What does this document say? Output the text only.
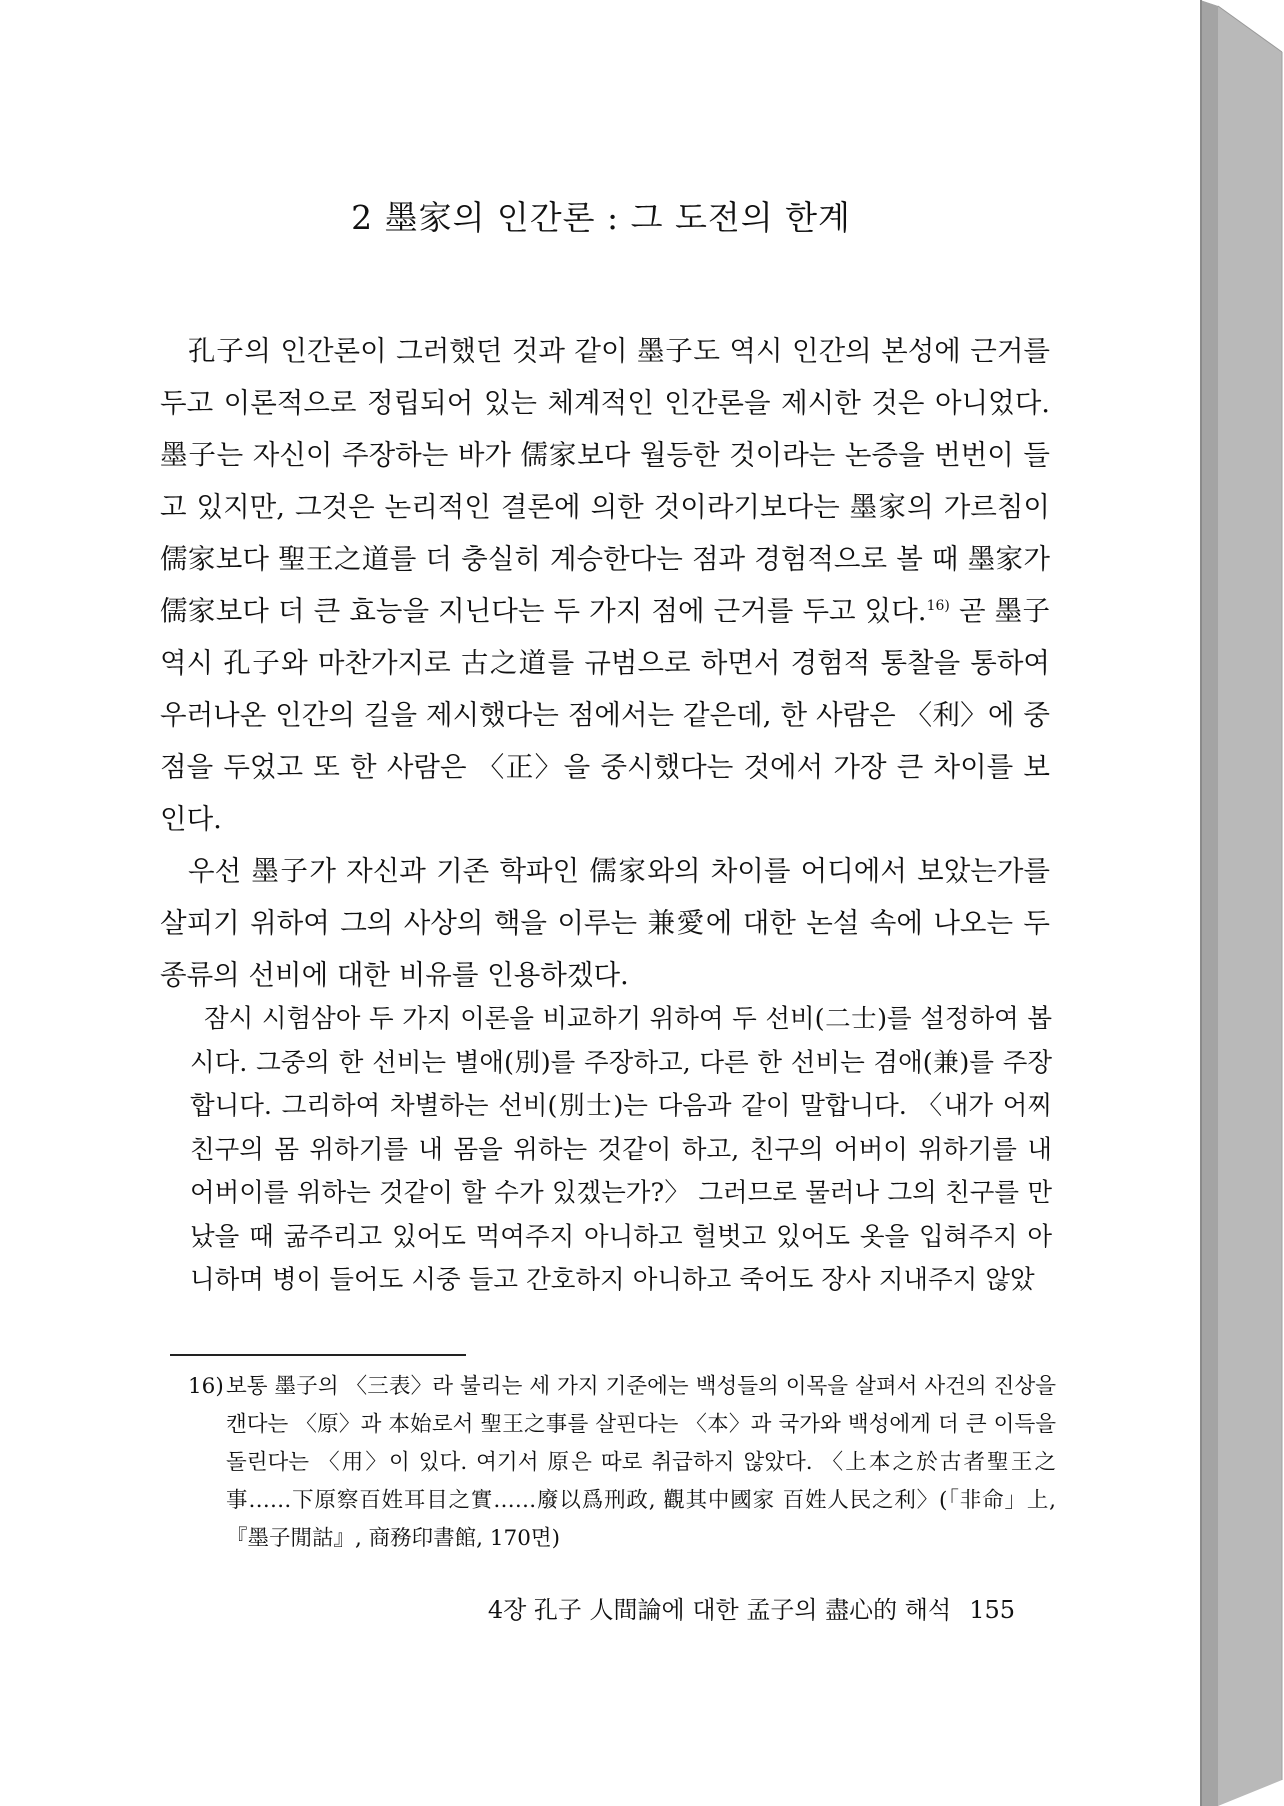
2 墨家의 인간론 : 그 도전의 한계

孔子의 인간론이 그러했던 것과 같이 墨子도 역시 인간의 본성에 근거를 두고 이론적으로 정립되어 있는 체계적인 인간론을 제시한 것은 아니었다. 墨子는 자신이 주장하는 바가 儒家보다 월등한 것이라는 논증을 번번이 들고 있지만, 그것은 논리적인 결론에 의한 것이라기보다는 墨家의 가르침이 儒家보다 聖王之道를 더 충실히 계승한다는 점과 경험적으로 볼 때 墨家가 儒家보다 더 큰 효능을 지닌다는 두 가지 점에 근거를 두고 있다.$^{16)}$ 곧 墨子 역시 孔子와 마찬가지로 古之道를 규범으로 하면서 경험적 통찰을 통하여 우러나온 인간의 길을 제시했다는 점에서는 같은데, 한 사람은 〈利〉에 중점을 두었고 또 한 사람은 〈正〉을 중시했다는 것에서 가장 큰 차이를 보인다.

우선 墨子가 자신과 기존 학파인 儒家와의 차이를 어디에서 보았는가를 살피기 위하여 그의 사상의 핵을 이루는 兼愛에 대한 논설 속에 나오는 두 종류의 선비에 대한 비유를 인용하겠다.

잠시 시험삼아 두 가지 이론을 비교하기 위하여 두 선비(二士)를 설정하여 봅시다. 그중의 한 선비는 별애(別)를 주장하고, 다른 한 선비는 겸애(兼)를 주장합니다. 그리하여 차별하는 선비(別士)는 다음과 같이 말합니다. 〈내가 어찌 친구의 몸 위하기를 내 몸을 위하는 것같이 하고, 친구의 어버이 위하기를 내 어버이를 위하는 것같이 할 수가 있겠는가?〉 그러므로 물러나 그의 친구를 만났을 때 굶주리고 있어도 먹여주지 아니하고 헐벗고 있어도 옷을 입혀주지 아니하며 병이 들어도 시중 들고 간호하지 아니하고 죽어도 장사 지내주지 않았

16) 보통 墨子의 〈三表〉라 불리는 세 가지 기준에는 백성들의 이목을 살펴서 사건의 진상을 캔다는 〈原〉과 本始로서 聖王之事를 살핀다는 〈本〉과 국가와 백성에게 더 큰 이득을 돌린다는 〈用〉이 있다. 여기서 原은 따로 취급하지 않았다. 〈上本之於古者聖王之事……下原察百姓耳目之實……廢以爲刑政, 觀其中國家 百姓人民之利〉(「非命」上, 『墨子閒詁』, 商務印書館, 170면)
4장 孔子 人間論에 대한 孟子의 盡心的 해석 155
